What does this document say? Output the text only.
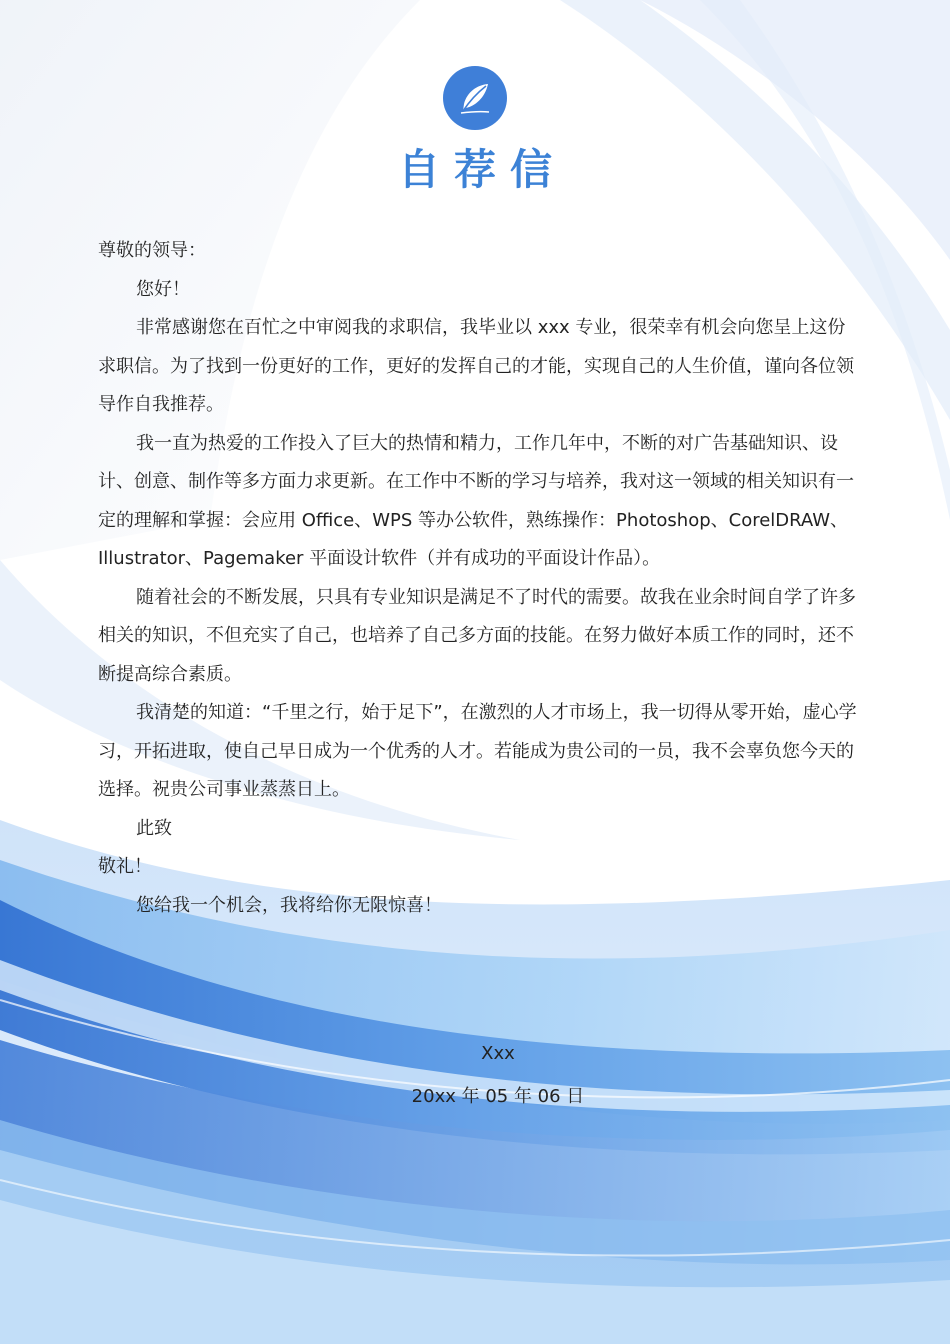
自荐信

尊敬的领导：

您好！

非常感谢您在百忙之中审阅我的求职信，我毕业以 xxx 专业，很荣幸有机会向您呈上这份求职信。为了找到一份更好的工作，更好的发挥自己的才能，实现自己的人生价值，谨向各位领导作自我推荐。

我一直为热爱的工作投入了巨大的热情和精力，工作几年中，不断的对广告基础知识、设计、创意、制作等多方面力求更新。在工作中不断的学习与培养，我对这一领域的相关知识有一定的理解和掌握：会应用 Office、WPS 等办公软件，熟练操作：Photoshop、CorelDRAW、Illustrator、Pagemaker 平面设计软件（并有成功的平面设计作品）。

随着社会的不断发展，只具有专业知识是满足不了时代的需要。故我在业余时间自学了许多相关的知识，不但充实了自己，也培养了自己多方面的技能。在努力做好本质工作的同时，还不断提高综合素质。

我清楚的知道：“千里之行，始于足下”，在激烈的人才市场上，我一切得从零开始，虚心学习，开拓进取，使自己早日成为一个优秀的人才。若能成为贵公司的一员，我不会辜负您今天的选择。祝贵公司事业蒸蒸日上。

此致

敬礼！

您给我一个机会，我将给你无限惊喜！

Xxx
20xx 年 05 年 06 日
